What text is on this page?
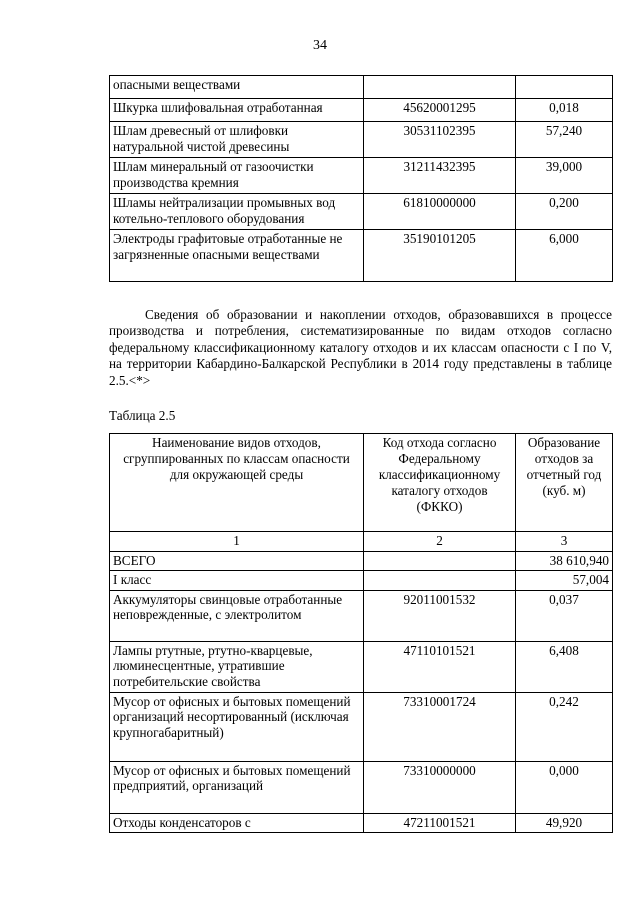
34
опасными веществами		
Шкурка шлифовальная отработанная	45620001295	0,018
Шлам древесный от шлифовки натуральной чистой древесины	30531102395	57,240
Шлам минеральный от газоочистки производства кремния	31211432395	39,000
Шламы нейтрализации промывных вод котельно-теплового оборудования	61810000000	0,200
Электроды графитовые отработанные не загрязненные опасными веществами	35190101205	6,000

Сведения об образовании и накоплении отходов, образовавшихся в процессе производства и потребления, систематизированные по видам отходов согласно федеральному классификационному каталогу отходов и их классам опасности с I по V, на территории Кабардино-Балкарской Республики в 2014 году представлены в таблице 2.5.<*>

Таблица 2.5
Наименование видов отходов, сгруппированных по классам опасности для окружающей среды	Код отхода согласно Федеральному классификационному каталогу отходов (ФККО)	Образование отходов за отчетный год (куб. м)
1	2	3
ВСЕГО		38 610,940
I класс		57,004
Аккумуляторы свинцовые отработанные неповрежденные, с электролитом	92011001532	0,037
Лампы ртутные, ртутно-кварцевые, люминесцентные, утратившие потребительские свойства	47110101521	6,408
Мусор от офисных и бытовых помещений организаций несортированный (исключая крупногабаритный)	73310001724	0,242
Мусор от офисных и бытовых помещений предприятий, организаций	73310000000	0,000
Отходы конденсаторов с	47211001521	49,920
